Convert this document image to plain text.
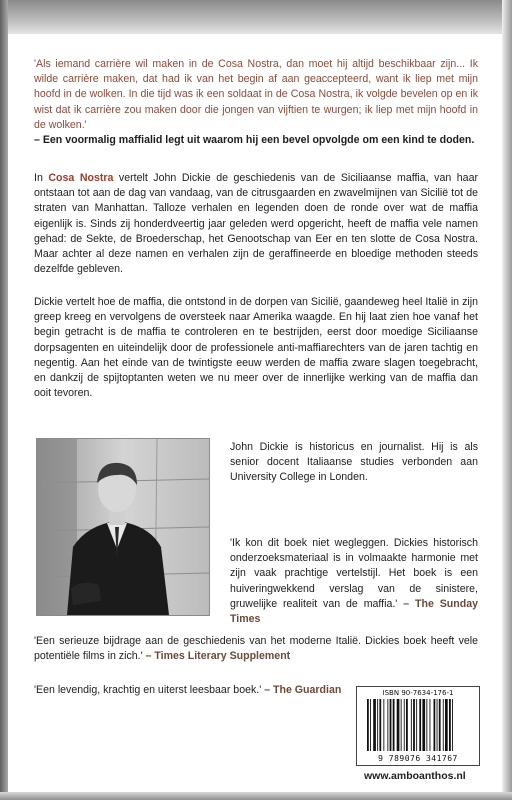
'Als iemand carrière wil maken in de Cosa Nostra, dan moet hij altijd beschikbaar zijn... Ik wilde carrière maken, dat had ik van het begin af aan geaccepteerd, want ik liep met mijn hoofd in de wolken. In die tijd was ik een soldaat in de Cosa Nostra, ik volgde bevelen op en ik wist dat ik carrière zou maken door die jongen van vijftien te wurgen; ik liep met mijn hoofd in de wolken.'
– Een voormalig maffialid legt uit waarom hij een bevel opvolgde om een kind te doden.

In Cosa Nostra vertelt John Dickie de geschiedenis van de Siciliaanse maffia, van haar ontstaan tot aan de dag van vandaag, van de citrusgaarden en zwavelmijnen van Sicilië tot de straten van Manhattan. Talloze verhalen en legenden doen de ronde over wat de maffia eigenlijk is. Sinds zij honderdveertig jaar geleden werd opgericht, heeft de maffia vele namen gehad: de Sekte, de Broederschap, het Genootschap van Eer en ten slotte de Cosa Nostra. Maar achter al deze namen en verhalen zijn de geraffineerde en bloedige methoden steeds dezelfde gebleven.

Dickie vertelt hoe de maffia, die ontstond in de dorpen van Sicilië, gaandeweg heel Italië in zijn greep kreeg en vervolgens de oversteek naar Amerika waagde. En hij laat zien hoe vanaf het begin getracht is de maffia te controleren en te bestrijden, eerst door moedige Siciliaanse dorpsagenten en uiteindelijk door de professionele anti-maffiarechters van de jaren tachtig en negentig. Aan het einde van de twintigste eeuw werden de maffia zware slagen toegebracht, en dankzij de spijtoptanten weten we nu meer over de innerlijke werking van de maffia dan ooit tevoren.

John Dickie is historicus en journalist. Hij is als senior docent Italiaanse studies verbonden aan University College in Londen.

'Ik kon dit boek niet wegleggen. Dickies historisch onderzoeksmateriaal is in volmaakte harmonie met zijn vaak prachtige vertelstijl. Het boek is een huiveringwekkend verslag van de sinistere, gruwelijke realiteit van de maffia.' – The Sunday Times

'Een serieuze bijdrage aan de geschiedenis van het moderne Italië. Dickies boek heeft vele potentiële films in zich.' – Times Literary Supplement

'Een levendig, krachtig en uiterst leesbaar boek.' – The Guardian	ISBN 90-7634-176-1
9 789076 341767
www.amboanthos.nl
